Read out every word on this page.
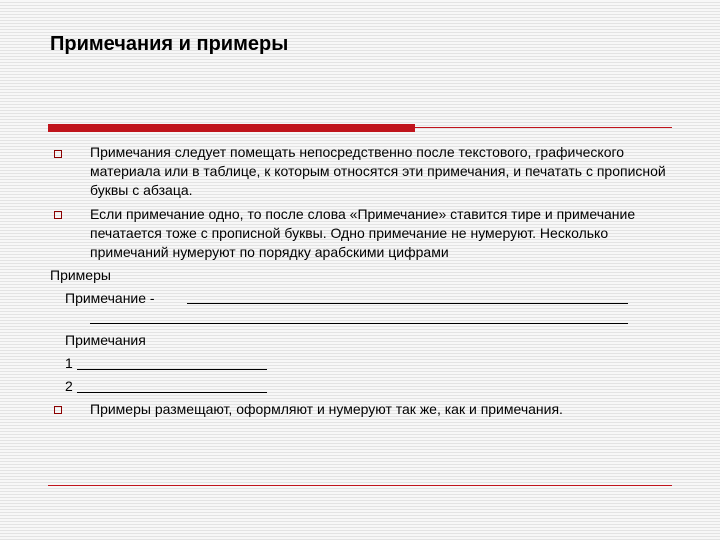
Примечания и примеры
Примечания следует помещать непосредственно после текстового, графического материала или в таблице, к которым относятся эти примечания, и печатать с прописной буквы с абзаца.
Если примечание одно, то после слова «Примечание» ставится тире и примечание печатается тоже с прописной буквы. Одно примечание не нумеруют. Несколько примечаний нумеруют по порядку арабскими цифрами
Примеры
Примечание -
Примечания
1
2
Примеры размещают, оформляют и нумеруют так же, как и примечания.
